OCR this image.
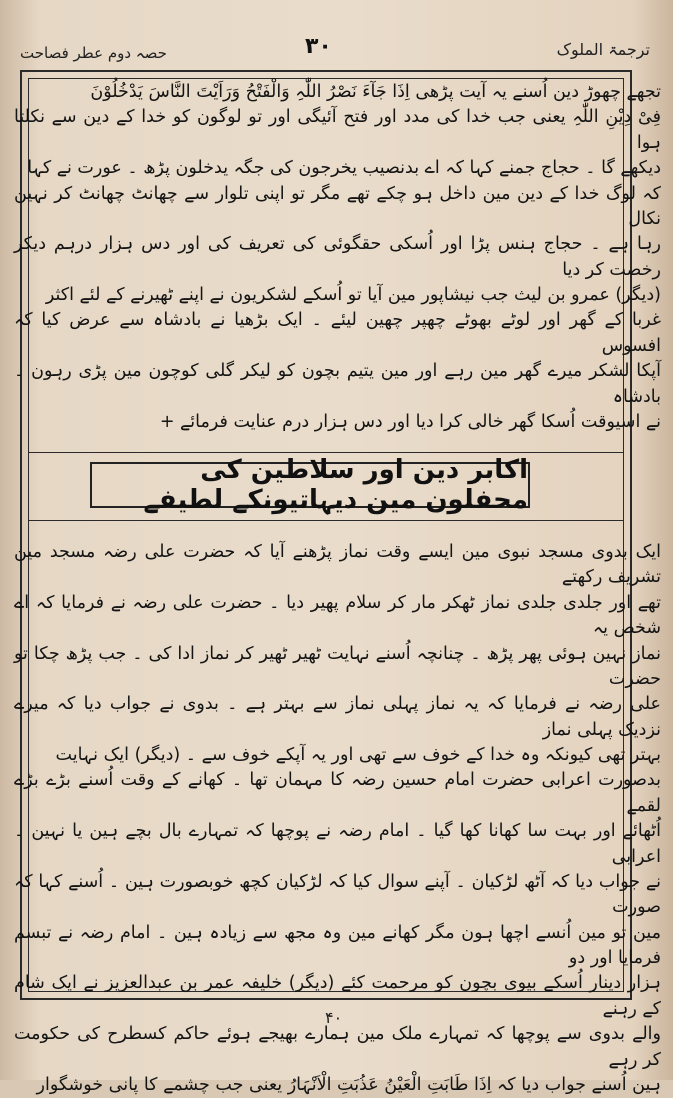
حصہ دوم عطر فصاحت	۳۰	ترجمۃ الملوک

تجھے چھوڑ دین اُسنے یہ آیت پڑھی اِذَا جَآءَ نَصْرُ اللّٰہِ وَالْفَتْحُ وَرَاَیْتَ النَّاسَ یَدْخُلُوْنَ

فِیْ دِیْنِ اللّٰہِ یعنی جب خدا کی مدد اور فتح آئیگی اور تو لوگون کو خدا کے دین سے نکلتا ہوا

دیکھے گا ۔ حجاج جمنے کہا کہ اے بدنصیب یخرجون کی جگہ یدخلون پڑھ ۔ عورت نے کہا

کہ لوگ خدا کے دین مین داخل ہو چکے تھے مگر تو اپنی تلوار سے چھانٹ چھانٹ کر نہین نکال

رہا ہے ۔ حجاج ہنس پڑا اور اُسکی حقگوئی کی تعریف کی اور دس ہزار درہم دیکر رخصت کر دیا

(دیگر) عمرو بن لیث جب نیشاپور مین آیا تو اُسکے لشکریون نے اپنے ٹھیرنے کے لئے اکثر

غربا کے گھر اور لوٹے بھوٹے چھپر چھین لیئے ۔ ایک بڑھیا نے بادشاہ سے عرض کیا کہ افسوس

آپکا لشکر میرے گھر مین رہے اور مین یتیم بچون کو لیکر گلی کوچون مین پڑی رہون ۔ بادشاہ

نے اسیوقت اُسکا گھر خالی کرا دیا اور دس ہزار درم عنایت فرمائے +

اکابر دین اور سلاطین کی محفلون مین دیہاتیونکے لطیفے

ایک بدوی مسجد نبوی مین ایسے وقت نماز پڑھنے آیا کہ حضرت علی رضہ مسجد مین تشریف رکھتے

تھے اور جلدی جلدی نماز ٹھکر مار کر سلام پھیر دیا ۔ حضرت علی رضہ نے فرمایا کہ اے شخص یہ

نماز نہین ہوئی پھر پڑھ ۔ چنانچہ اُسنے نہایت ٹھیر ٹھیر کر نماز ادا کی ۔ جب پڑھ چکا تو حضرت

علی رضہ نے فرمایا کہ یہ نماز پہلی نماز سے بہتر ہے ۔ بدوی نے جواب دیا کہ میرے نزدیک پہلی نماز

بہتر تھی کیونکہ وہ خدا کے خوف سے تھی اور یہ آپکے خوف سے ۔ (دیگر) ایک نہایت

بدصورت اعرابی حضرت امام حسین رضہ کا مہمان تھا ۔ کھانے کے وقت اُسنے بڑے بڑے لقمے

اُٹھائے اور بہت سا کھانا کھا گیا ۔ امام رضہ نے پوچھا کہ تمہارے بال بچے ہین یا نہین ۔ اعرابی

نے جواب دیا کہ آٹھ لڑکیان ۔ آپنے سوال کیا کہ لڑکیان کچھ خوبصورت ہین ۔ اُسنے کہا کہ صورت

مین تو مین اُنسے اچھا ہون مگر کھانے مین وہ مجھ سے زیادہ ہین ۔ امام رضہ نے تبسم فرمایا اور دو

ہزار دینار اُسکے بیوی بچون کو مرحمت کئے (دیگر) خلیفہ عمر بن عبدالعزیز نے ایک شام کے رہنے

والے بدوی سے پوچھا کہ تمہارے ملک مین ہمارے بھیجے ہوئے حاکم کسطرح کی حکومت کر رہے

ہین اُسنے جواب دیا کہ اِذَا طَابَتِ الْعَیْنُ عَذُبَتِ الْاَنْہَارُ یعنی جب چشمے کا پانی خوشگوار

۴۰
